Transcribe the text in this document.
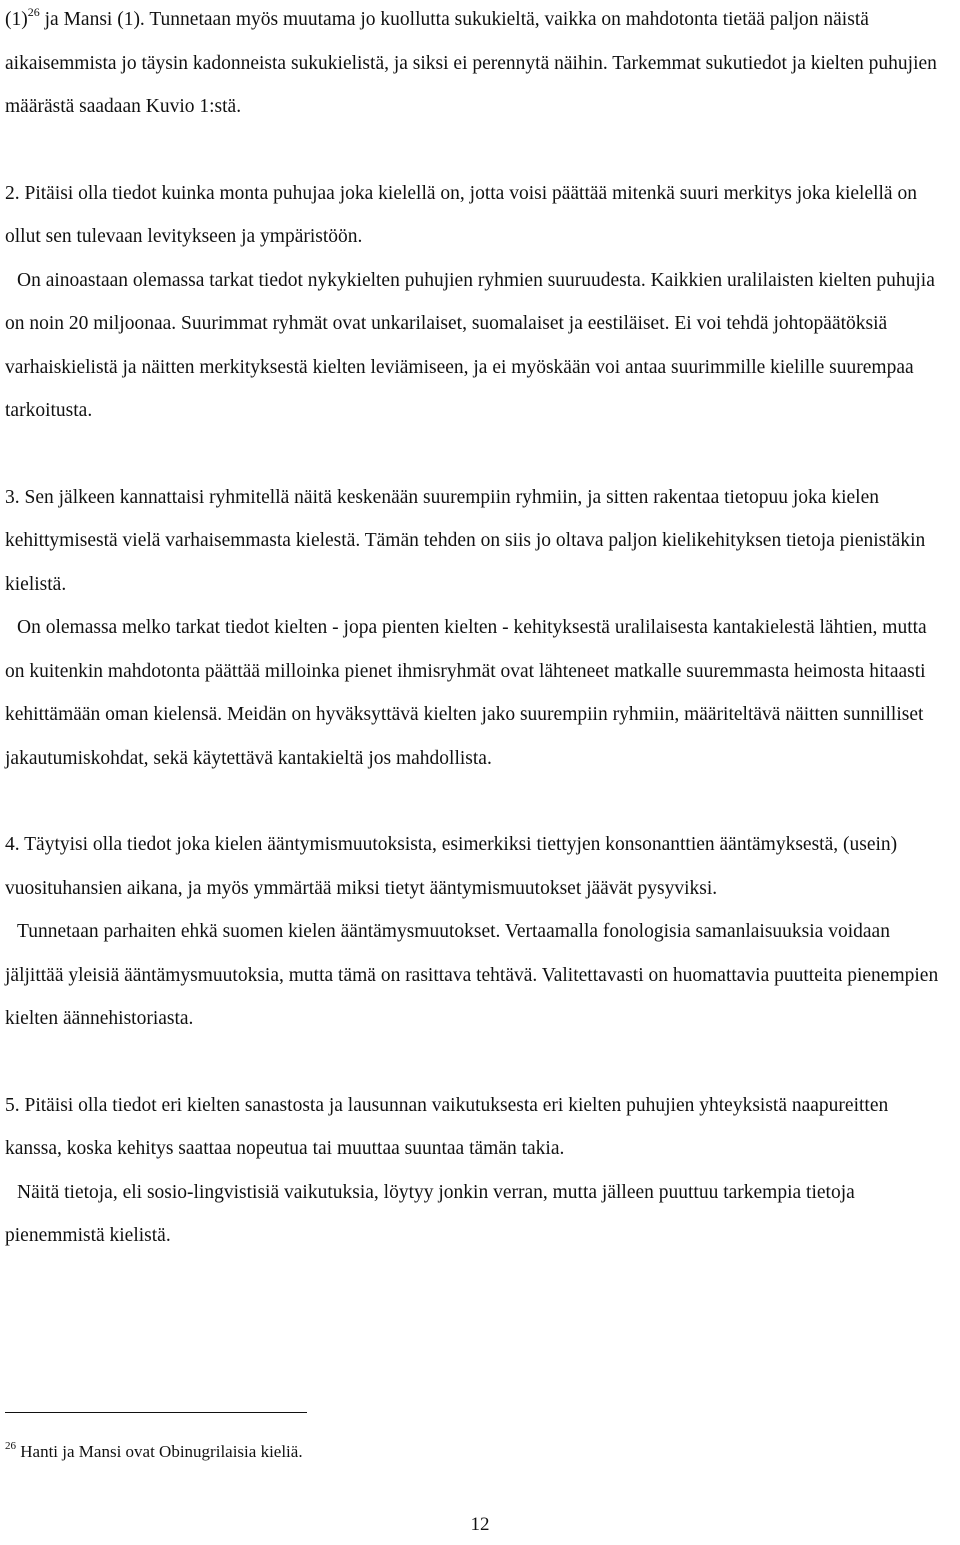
$(1)^{26}$ ja Mansi (1). Tunnetaan myös muutama jo kuollutta sukukieltä, vaikka on mahdotonta tietää paljon näistä aikaisemmista jo täysin kadonneista sukukielistä, ja siksi ei perennytä näihin. Tarkemmat sukutiedot ja kielten puhujien määrästä saadaan Kuvio 1:stä.

2. Pitäisi olla tiedot kuinka monta puhujaa joka kielellä on, jotta voisi päättää mitenkä suuri merkitys joka kielellä on ollut sen tulevaan levitykseen ja ympäristöön.

On ainoastaan olemassa tarkat tiedot nykykielten puhujien ryhmien suuruudesta. Kaikkien uralilaisten kielten puhujia on noin 20 miljoonaa. Suurimmat ryhmät ovat unkarilaiset, suomalaiset ja eestiläiset. Ei voi tehdä johtopäätöksiä varhaiskielistä ja näitten merkityksestä kielten leviämiseen, ja ei myöskään voi antaa suurimmille kielille suurempaa tarkoitusta.

3. Sen jälkeen kannattaisi ryhmitellä näitä keskenään suurempiin ryhmiin, ja sitten rakentaa tietopuu joka kielen kehittymisestä vielä varhaisemmasta kielestä. Tämän tehden on siis jo oltava paljon kielikehityksen tietoja pienistäkin kielistä.

On olemassa melko tarkat tiedot kielten - jopa pienten kielten - kehityksestä uralilaisesta kantakielestä lähtien, mutta on kuitenkin mahdotonta päättää milloinka pienet ihmisryhmät ovat lähteneet matkalle suuremmasta heimosta hitaasti kehittämään oman kielensä. Meidän on hyväksyttävä kielten jako suurempiin ryhmiin, määriteltävä näitten sunnilliset jakautumiskohdat, sekä käytettävä kantakieltä jos mahdollista.

4. Täytyisi olla tiedot joka kielen ääntymismuutoksista, esimerkiksi tiettyjen konsonanttien ääntämyksestä, (usein) vuosituhansien aikana, ja myös ymmärtää miksi tietyt ääntymismuutokset jäävät pysyviksi.

Tunnetaan parhaiten ehkä suomen kielen ääntämysmuutokset. Vertaamalla fonologisia samanlaisuuksia voidaan jäljittää yleisiä ääntämysmuutoksia, mutta tämä on rasittava tehtävä. Valitettavasti on huomattavia puutteita pienempien kielten äännehistoriasta.

5. Pitäisi olla tiedot eri kielten sanastosta ja lausunnan vaikutuksesta eri kielten puhujien yhteyksistä naapureitten kanssa, koska kehitys saattaa nopeutua tai muuttaa suuntaa tämän takia.

Näitä tietoja, eli sosio-lingvistisiä vaikutuksia, löytyy jonkin verran, mutta jälleen puuttuu tarkempia tietoja pienemmistä kielistä.

$^{26}$ Hanti ja Mansi ovat Obinugrilaisia kieliä.
12
